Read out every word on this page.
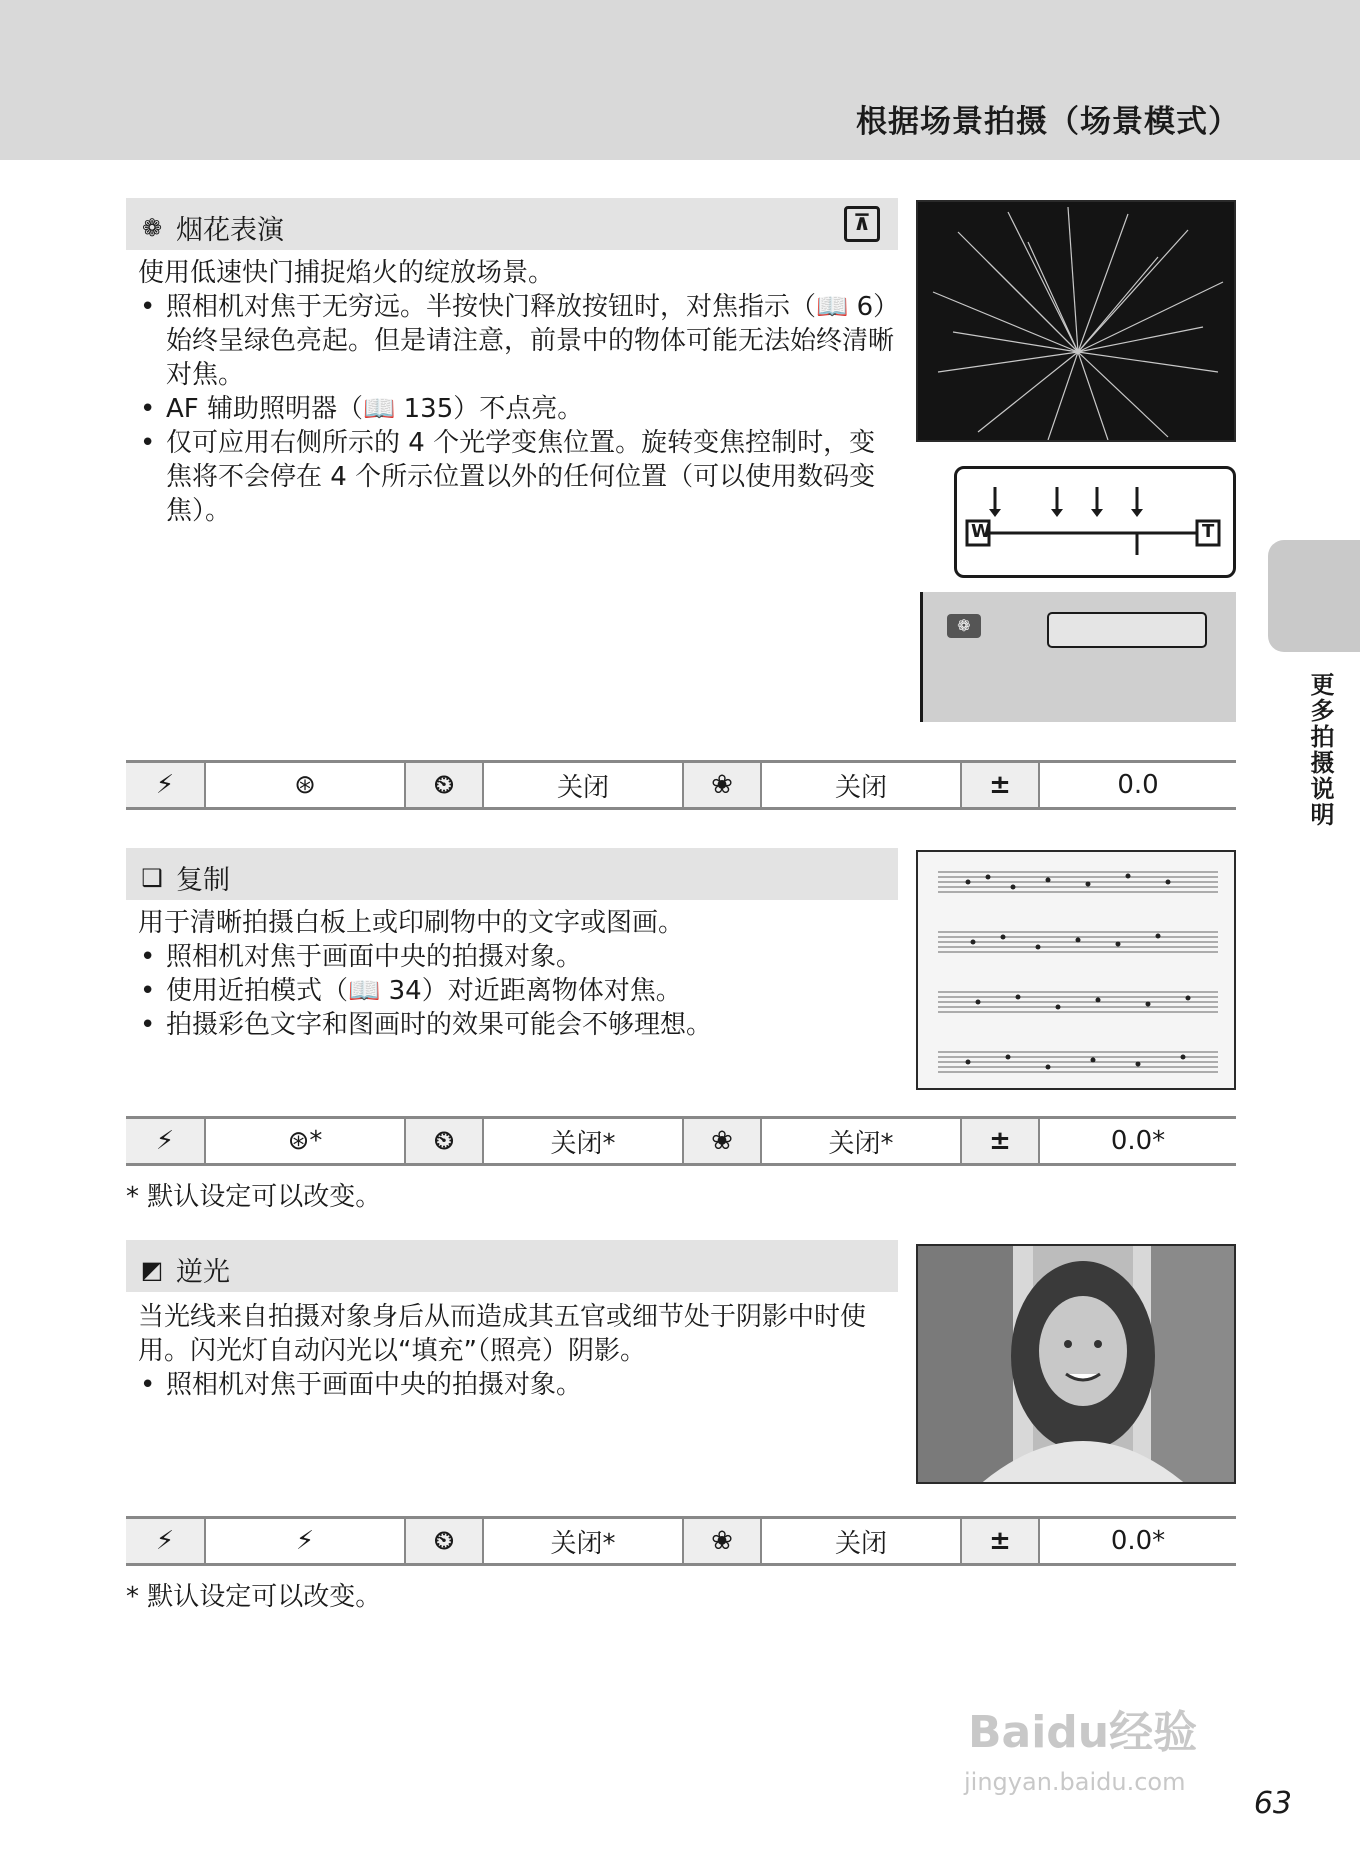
根据场景拍摄（场景模式）
更多拍摄说明
❁ 烟花表演	⊼

使用低速快门捕捉焰火的绽放场景。

• 照相机对焦于无穷远。半按快门释放按钮时，对焦指示（📖 6）始终呈绿色亮起。但是请注意，前景中的物体可能无法始终清晰对焦。
• AF 辅助照明器（📖 135）不点亮。
• 仅可应用右侧所示的 4 个光学变焦位置。旋转变焦控制时，变焦将不会停在 4 个所示位置以外的任何位置（可以使用数码变焦）。
W	T
❁
⚡	⊛	⏲	关闭	❀	关闭	±	0.0
❑ 复制

用于清晰拍摄白板上或印刷物中的文字或图画。

• 照相机对焦于画面中央的拍摄对象。
• 使用近拍模式（📖 34）对近距离物体对焦。
• 拍摄彩色文字和图画时的效果可能会不够理想。
⚡	⊛*	⏲	关闭*	❀	关闭*	±	0.0*
* 默认设定可以改变。
◩ 逆光

当光线来自拍摄对象身后从而造成其五官或细节处于阴影中时使用。闪光灯自动闪光以“填充”（照亮）阴影。

• 照相机对焦于画面中央的拍摄对象。
⚡	⚡	⏲	关闭*	❀	关闭	±	0.0*
* 默认设定可以改变。
Baidu经验
jingyan.baidu.com
63
